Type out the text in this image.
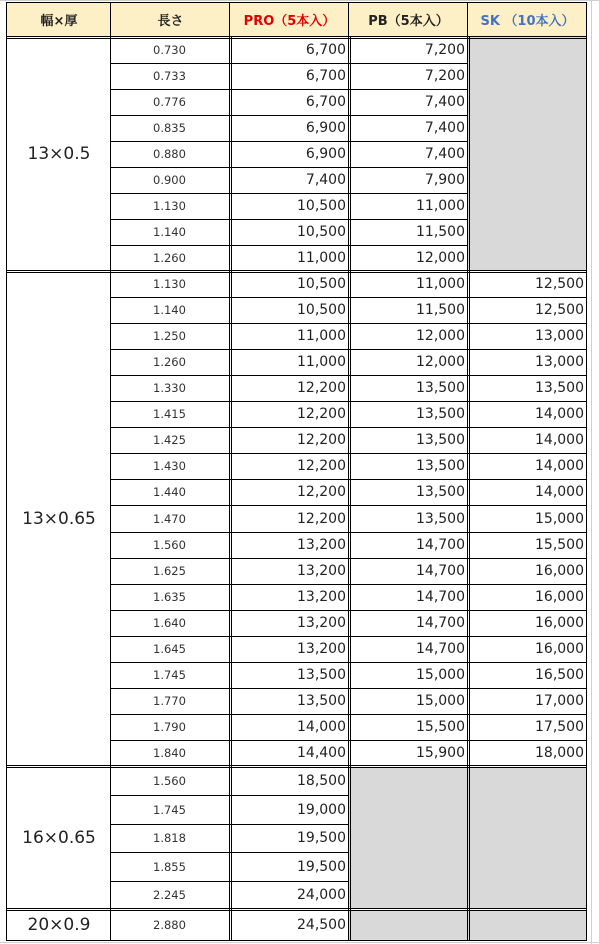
幅×厚	長さ	PRO（5本入）	PB（5本入）	SK （10本入）
13×0.5
0.730	6,700	7,200
0.733	6,700	7,200
0.776	6,700	7,400
0.835	6,900	7,400
0.880	6,900	7,400
0.900	7,400	7,900
1.130	10,500	11,000
1.140	10,500	11,500
1.260	11,000	12,000
13×0.65
1.130	10,500	11,000	12,500
1.140	10,500	11,500	12,500
1.250	11,000	12,000	13,000
1.260	11,000	12,000	13,000
1.330	12,200	13,500	13,500
1.415	12,200	13,500	14,000
1.425	12,200	13,500	14,000
1.430	12,200	13,500	14,000
1.440	12,200	13,500	14,000
1.470	12,200	13,500	15,000
1.560	13,200	14,700	15,500
1.625	13,200	14,700	16,000
1.635	13,200	14,700	16,000
1.640	13,200	14,700	16,000
1.645	13,200	14,700	16,000
1.745	13,500	15,000	16,500
1.770	13,500	15,000	17,000
1.790	14,000	15,500	17,500
1.840	14,400	15,900	18,000
16×0.65
1.560	18,500
1.745	19,000
1.818	19,500
1.855	19,500
2.245	24,000
20×0.9	2.880	24,500
